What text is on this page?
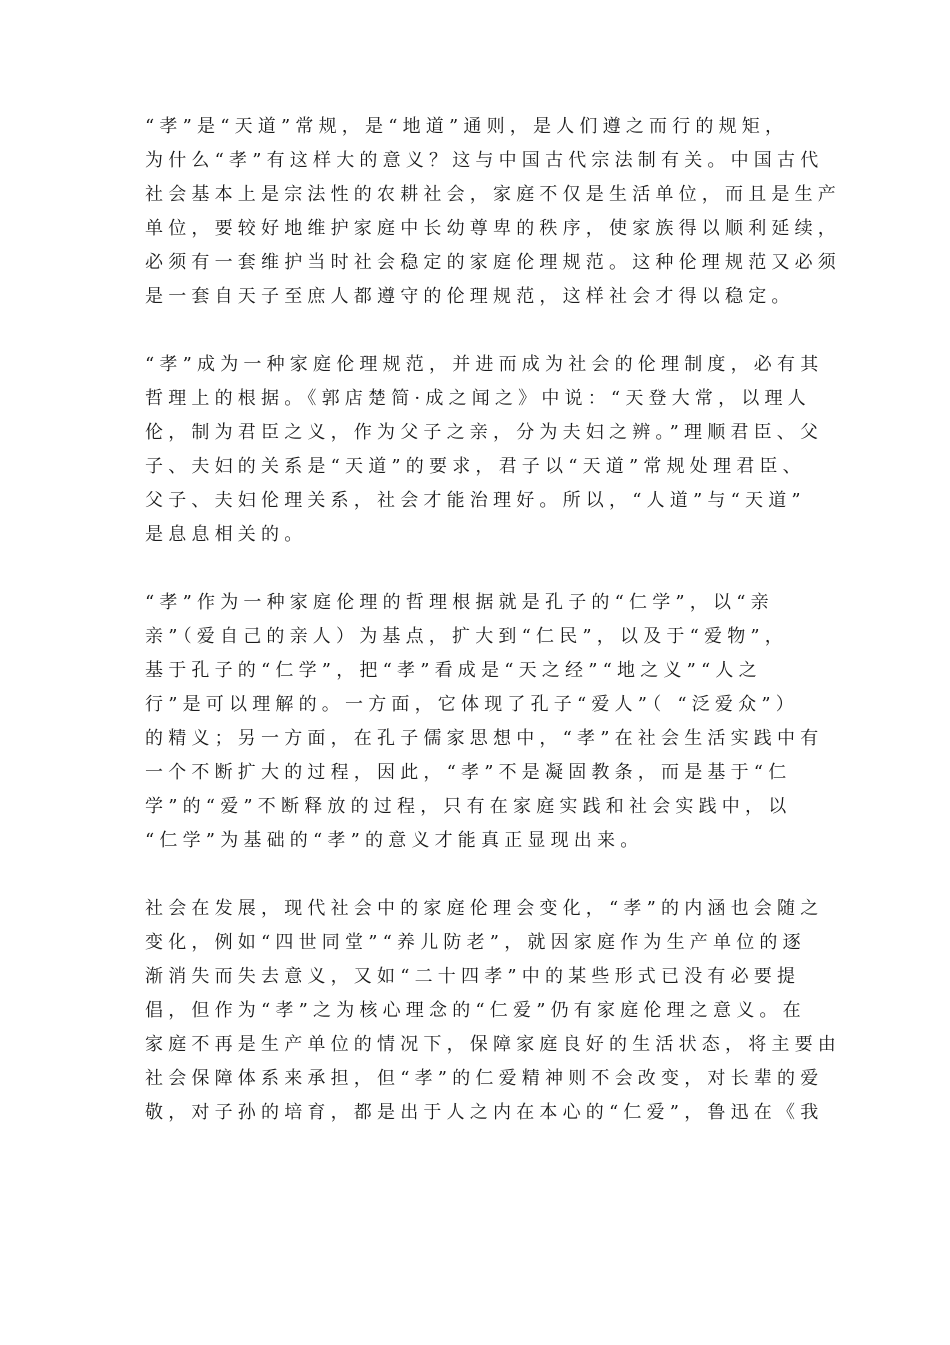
“孝”是“天道”常规，是“地道”通则，是人们遵之而行的规矩，
为什么“孝”有这样大的意义？这与中国古代宗法制有关。中国古代
社会基本上是宗法性的农耕社会，家庭不仅是生活单位，而且是生产
单位，要较好地维护家庭中长幼尊卑的秩序，使家族得以顺利延续，
必须有一套维护当时社会稳定的家庭伦理规范。这种伦理规范又必须
是一套自天子至庶人都遵守的伦理规范，这样社会才得以稳定。

“孝”成为一种家庭伦理规范，并进而成为社会的伦理制度，必有其
哲理上的根据。《郭店楚简·成之闻之》中说：“天登大常，以理人
伦，制为君臣之义，作为父子之亲，分为夫妇之辨。”理顺君臣、父
子、夫妇的关系是“天道”的要求，君子以“天道”常规处理君臣、
父子、夫妇伦理关系，社会才能治理好。所以，“人道”与“天道”
是息息相关的。

“孝”作为一种家庭伦理的哲理根据就是孔子的“仁学”，以“亲
亲”（爱自己的亲人）为基点，扩大到“仁民”，以及于“爱物”，
基于孔子的“仁学”，把“孝”看成是“天之经”“地之义”“人之
行”是可以理解的。一方面，它体现了孔子“爱人”（ “泛爱众”）
的精义；另一方面，在孔子儒家思想中，“孝”在社会生活实践中有
一个不断扩大的过程，因此，“孝”不是凝固教条，而是基于“仁
学”的“爱”不断释放的过程，只有在家庭实践和社会实践中，以
“仁学”为基础的“孝”的意义才能真正显现出来。

社会在发展，现代社会中的家庭伦理会变化，“孝”的内涵也会随之
变化，例如“四世同堂”“养儿防老”，就因家庭作为生产单位的逐
渐消失而失去意义，又如“二十四孝”中的某些形式已没有必要提
倡，但作为“孝”之为核心理念的“仁爱”仍有家庭伦理之意义。在
家庭不再是生产单位的情况下，保障家庭良好的生活状态，将主要由
社会保障体系来承担，但“孝”的仁爱精神则不会改变，对长辈的爱
敬，对子孙的培育，都是出于人之内在本心的“仁爱”，鲁迅在《我
